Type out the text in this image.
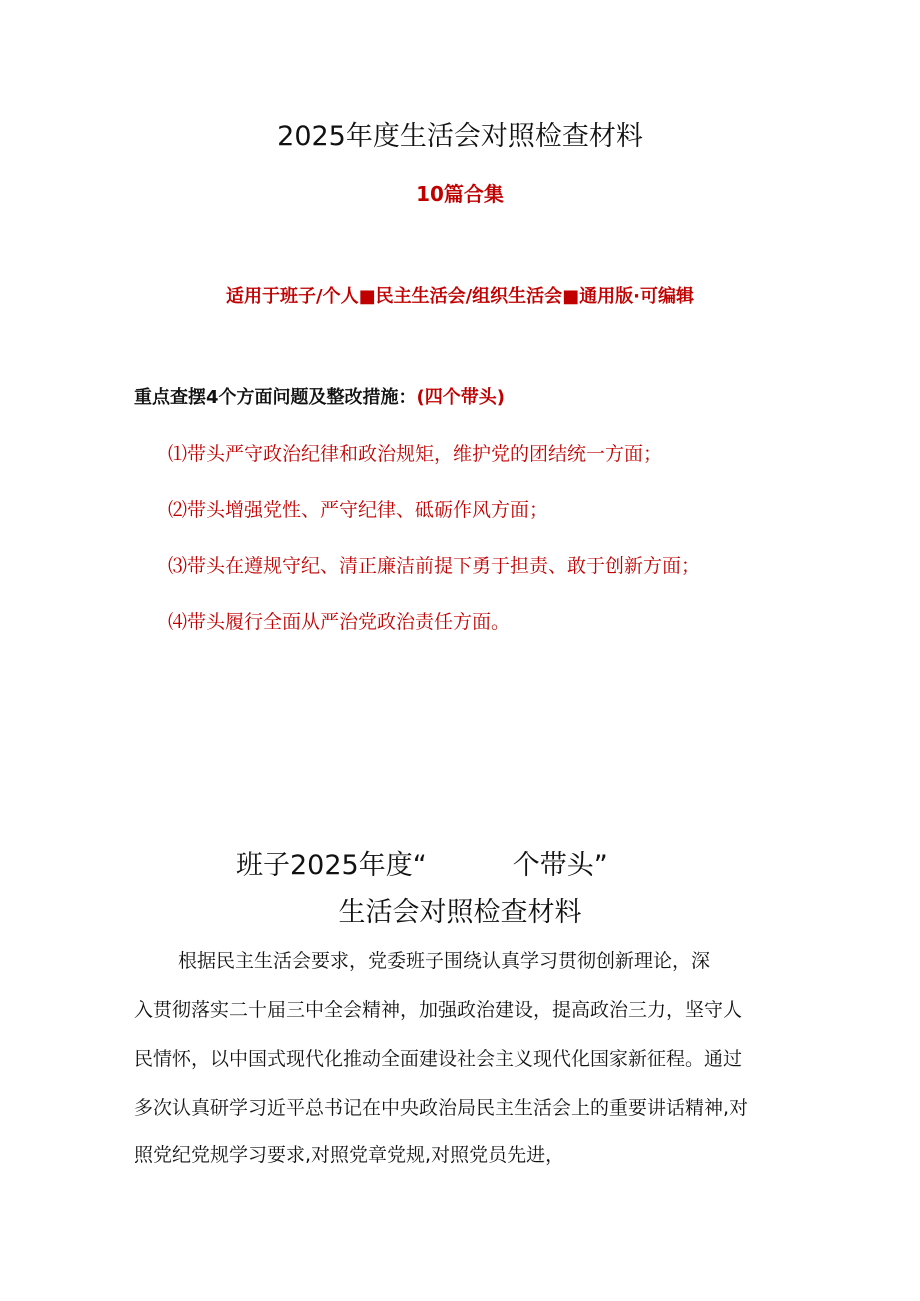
2025年度生活会对照检查材料
10篇合集
适用于班子/个人■民主生活会/组织生活会■通用版·可编辑
重点查摆4个方面问题及整改措施：(四个带头)
⑴带头严守政治纪律和政治规矩，维护党的团结统一方面；
⑵带头增强党性、严守纪律、砥砺作风方面；
⑶带头在遵规守纪、清正廉洁前提下勇于担责、敢于创新方面；
⑷带头履行全面从严治党政治责任方面。
班子2025年度“	个带头”
生活会对照检查材料
根据民主生活会要求，党委班子围绕认真学习贯彻创新理论，深
入贯彻落实二十届三中全会精神，加强政治建设，提高政治三力，坚守人
民情怀，以中国式现代化推动全面建设社会主义现代化国家新征程。通过
多次认真研学习近平总书记在中央政治局民主生活会上的重要讲话精神,对
照党纪党规学习要求,对照党章党规,对照党员先进，
